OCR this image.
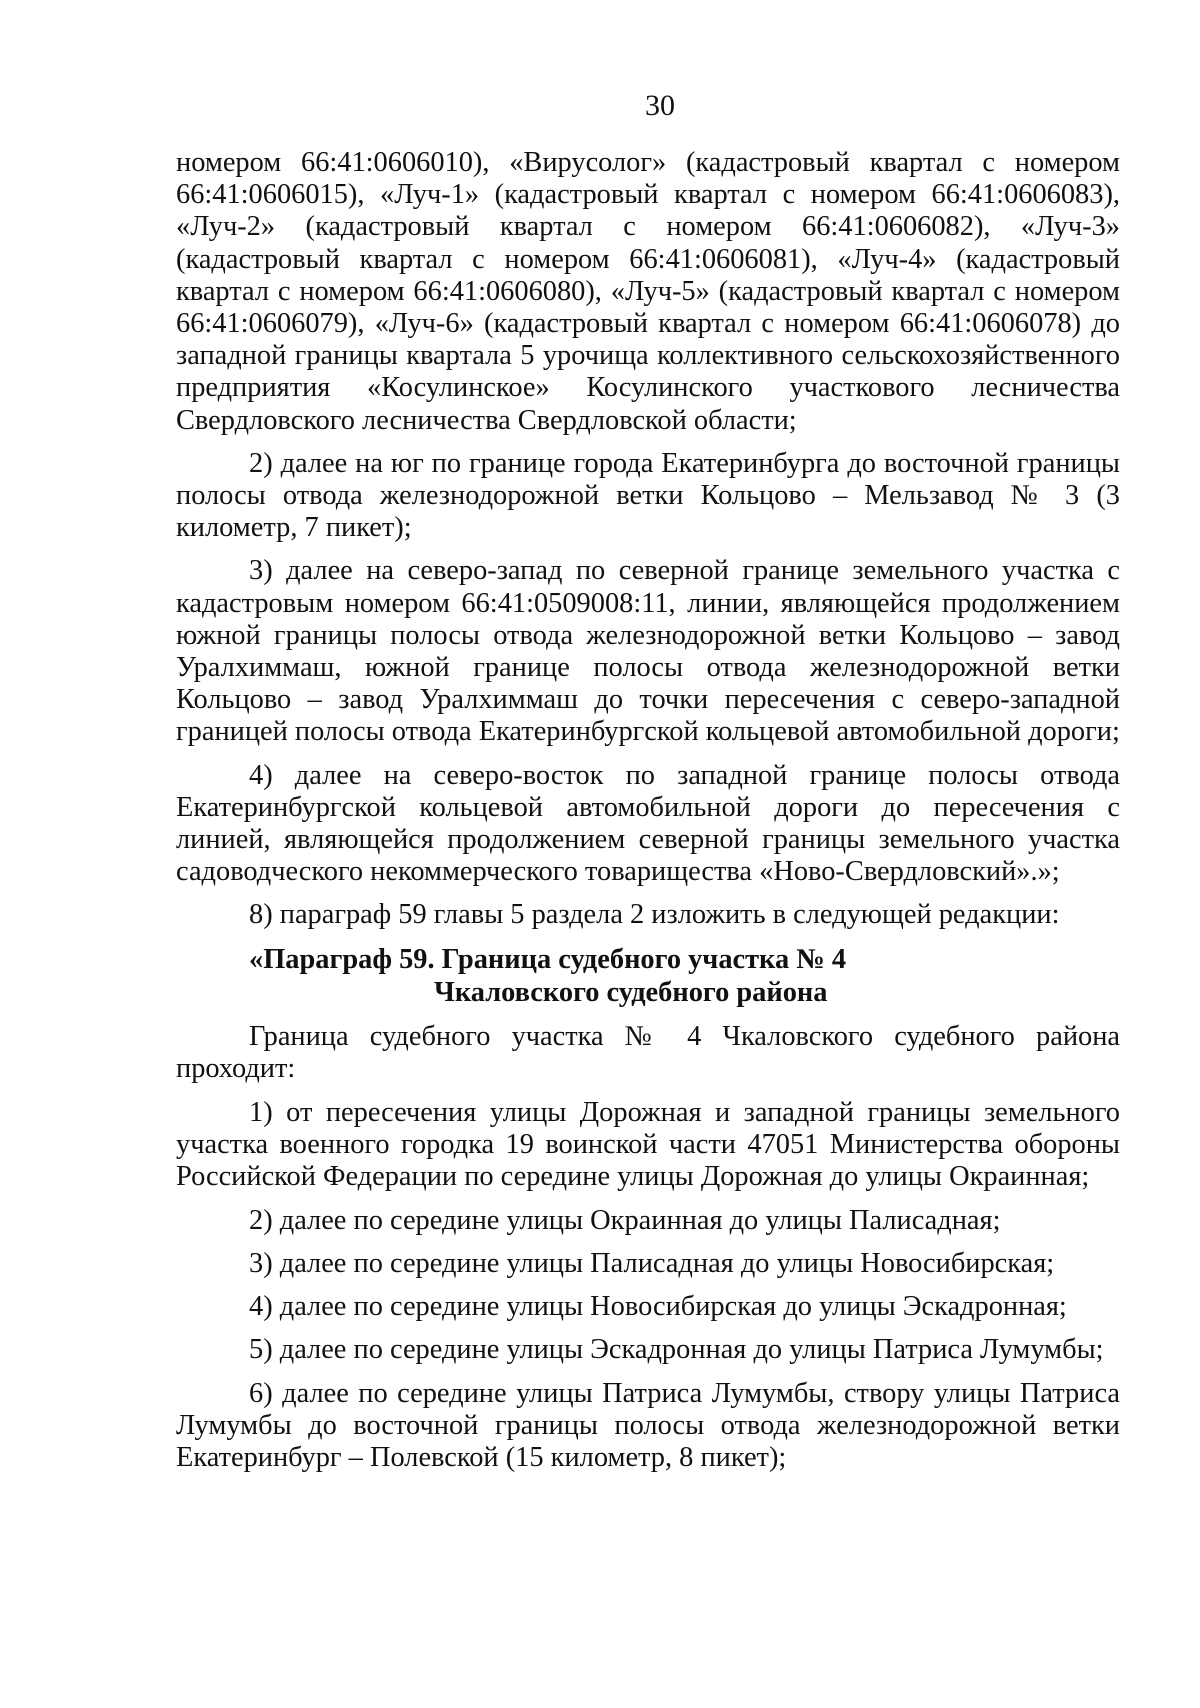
30

номером 66:41:0606010), «Вирусолог» (кадастровый квартал с номером 66:41:0606015), «Луч-1» (кадастровый квартал с номером 66:41:0606083), «Луч-2» (кадастровый квартал с номером 66:41:0606082), «Луч-3» (кадастровый квартал с номером 66:41:0606081), «Луч-4» (кадастровый квартал с номером 66:41:0606080), «Луч-5» (кадастровый квартал с номером 66:41:0606079), «Луч-6» (кадастровый квартал с номером 66:41:0606078) до западной границы квартала 5 урочища коллективного сельскохозяйственного предприятия «Косулинское» Косулинского участкового лесничества Свердловского лесничества Свердловской области;

2) далее на юг по границе города Екатеринбурга до восточной границы полосы отвода железнодорожной ветки Кольцово – Мельзавод № 3 (3 километр, 7 пикет);

3) далее на северо-запад по северной границе земельного участка с кадастровым номером 66:41:0509008:11, линии, являющейся продолжением южной границы полосы отвода железнодорожной ветки Кольцово – завод Уралхиммаш, южной границе полосы отвода железнодорожной ветки Кольцово – завод Уралхиммаш до точки пересечения с северо-западной границей полосы отвода Екатеринбургской кольцевой автомобильной дороги;

4) далее на северо-восток по западной границе полосы отвода Екатеринбургской кольцевой автомобильной дороги до пересечения с линией, являющейся продолжением северной границы земельного участка садоводческого некоммерческого товарищества «Ново-Свердловский».»;

8) параграф 59 главы 5 раздела 2 изложить в следующей редакции:

«Параграф 59. Граница судебного участка № 4
Чкаловского судебного района

Граница судебного участка № 4 Чкаловского судебного района проходит:

1) от пересечения улицы Дорожная и западной границы земельного участка военного городка 19 воинской части 47051 Министерства обороны Российской Федерации по середине улицы Дорожная до улицы Окраинная;

2) далее по середине улицы Окраинная до улицы Палисадная;

3) далее по середине улицы Палисадная до улицы Новосибирская;

4) далее по середине улицы Новосибирская до улицы Эскадронная;

5) далее по середине улицы Эскадронная до улицы Патриса Лумумбы;

6) далее по середине улицы Патриса Лумумбы, створу улицы Патриса Лумумбы до восточной границы полосы отвода железнодорожной ветки Екатеринбург – Полевской (15 километр, 8 пикет);
